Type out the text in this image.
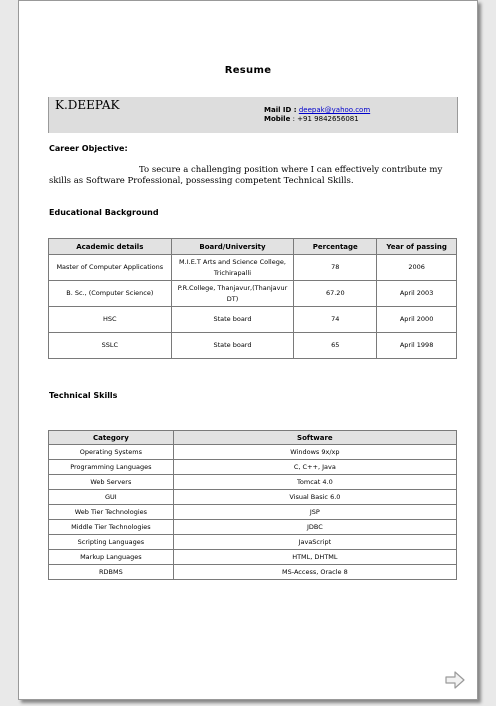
Resume
K.DEEPAK	Mail ID : deepak@yahoo.com
Mobile : +91 9842656081
Career Objective:
To secure a challenging position where I can effectively contribute my skills as Software Professional, possessing competent Technical Skills.
Educational Background
Academic details	Board/University	Percentage	Year of passing
Master of Computer Applications	M.I.E.T Arts and Science College, Trichirapalli	78	2006
B. Sc., (Computer Science)	P.R.College, Thanjavur,(Thanjavur DT)	67.20	April 2003
HSC	State board	74	April 2000
SSLC	State board	65	April 1998
Technical Skills
Category	Software
Operating Systems	Windows 9x/xp
Programming Languages	C, C++, Java
Web Servers	Tomcat 4.0
GUI	Visual Basic 6.0
Web Tier Technologies	JSP
Middle Tier Technologies	JDBC
Scripting Languages	JavaScript
Markup Languages	HTML, DHTML
RDBMS	MS-Access, Oracle 8
